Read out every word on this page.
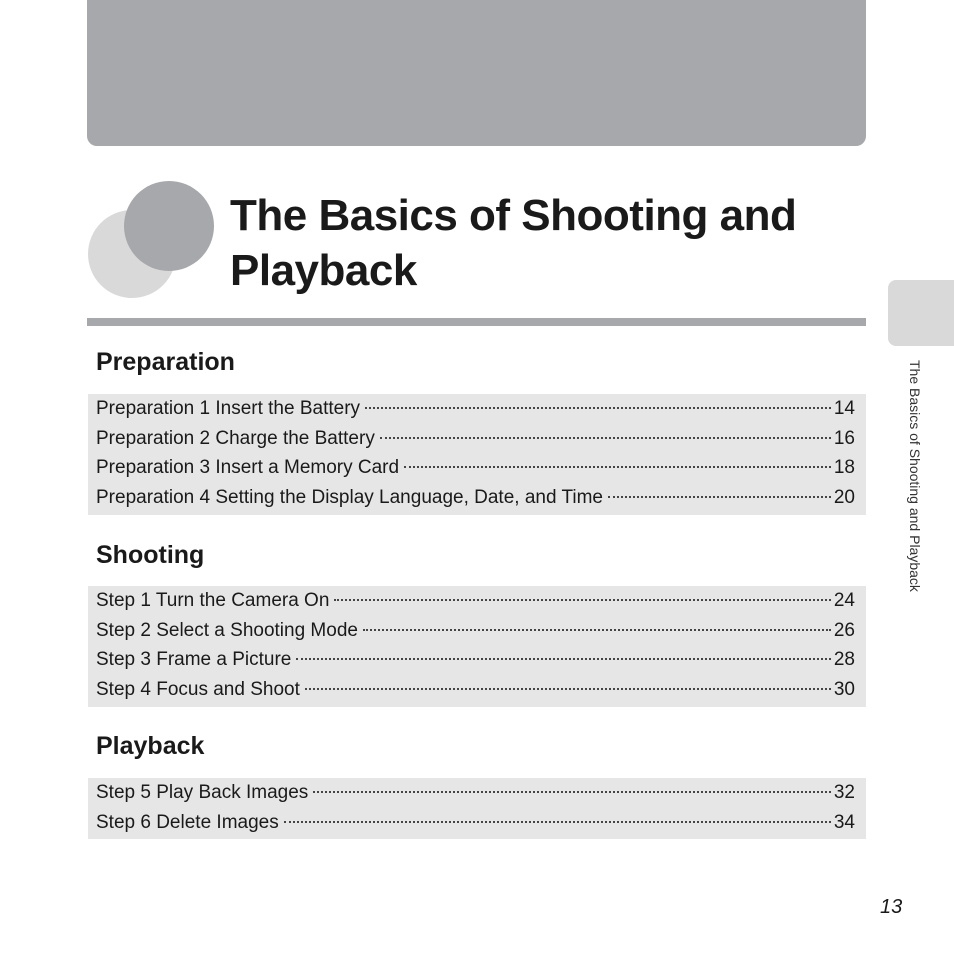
The Basics of Shooting and Playback
Preparation
Preparation 1 Insert the Battery	14
Preparation 2 Charge the Battery	16
Preparation 3 Insert a Memory Card	18
Preparation 4 Setting the Display Language, Date, and Time	20
Shooting
Step 1 Turn the Camera On	24
Step 2 Select a Shooting Mode	26
Step 3 Frame a Picture	28
Step 4 Focus and Shoot	30
Playback
Step 5 Play Back Images	32
Step 6 Delete Images	34
The Basics of Shooting and Playback
13
